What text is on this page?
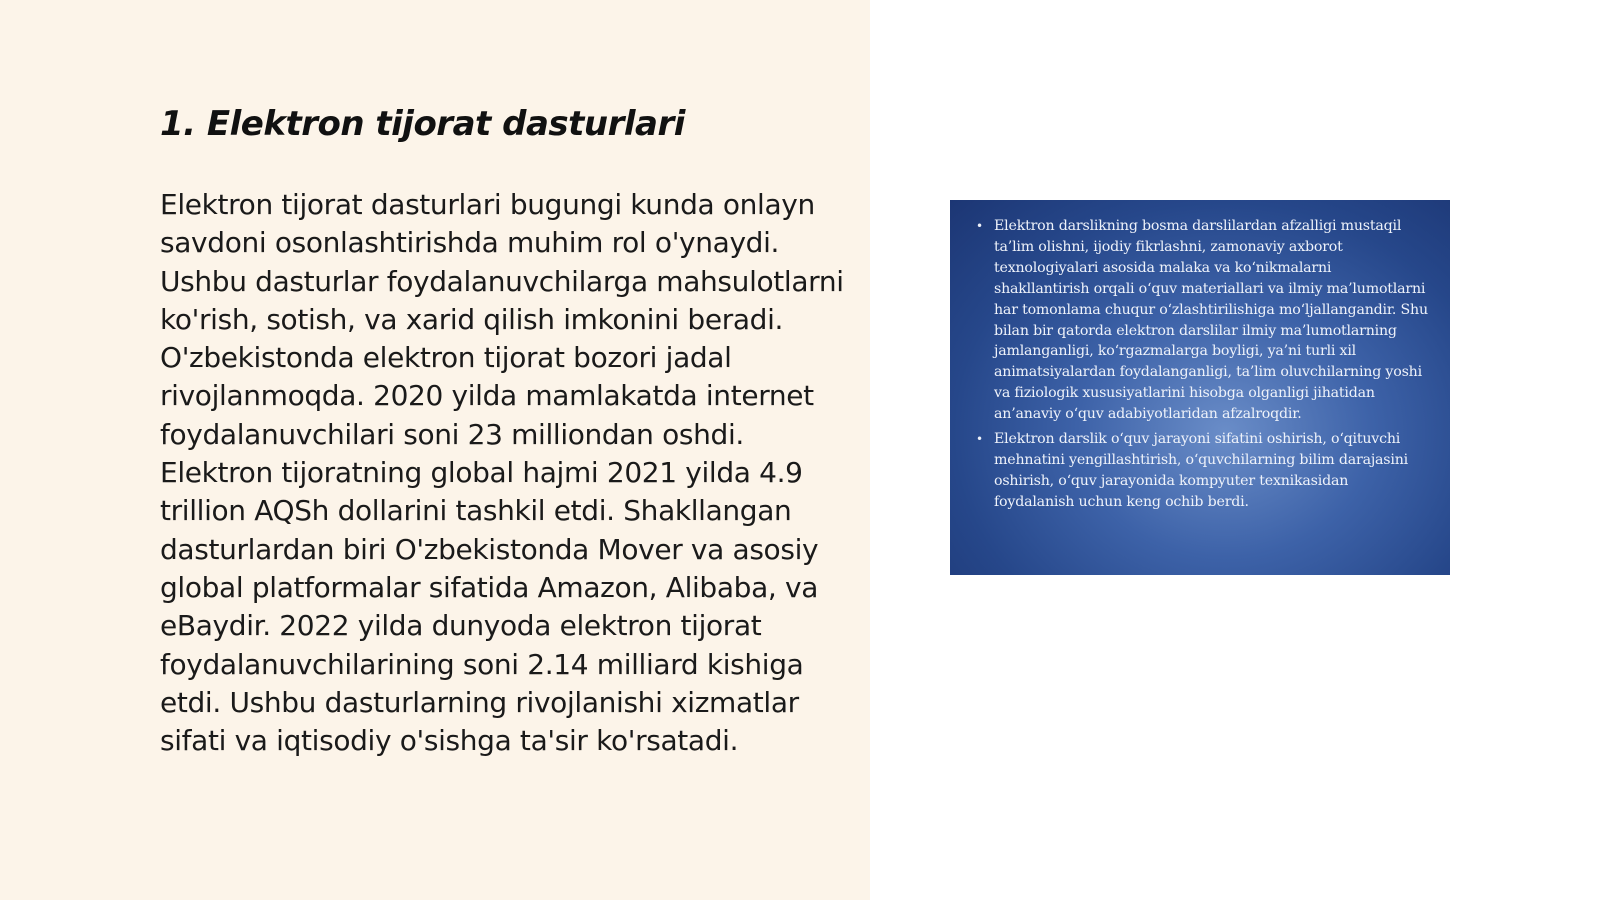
1. Elektron tijorat dasturlari

Elektron tijorat dasturlari bugungi kunda onlayn savdoni osonlashtirishda muhim rol o'ynaydi. Ushbu dasturlar foydalanuvchilarga mahsulotlarni ko'rish, sotish, va xarid qilish imkonini beradi. O'zbekistonda elektron tijorat bozori jadal rivojlanmoqda. 2020 yilda mamlakatda internet foydalanuvchilari soni 23 milliondan oshdi. Elektron tijoratning global hajmi 2021 yilda 4.9 trillion AQSh dollarini tashkil etdi. Shakllangan dasturlardan biri O'zbekistonda Mover va asosiy global platformalar sifatida Amazon, Alibaba, va eBaydir. 2022 yilda dunyoda elektron tijorat foydalanuvchilarining soni 2.14 milliard kishiga etdi. Ushbu dasturlarning rivojlanishi xizmatlar sifati va iqtisodiy o'sishga ta'sir ko'rsatadi.

• Elektron darslikning bosma darslilardan afzalligi mustaqil ta’lim olishni, ijodiy fikrlashni, zamonaviy axborot texnologiyalari asosida malaka va ko‘nikmalarni shakllantirish orqali o‘quv materiallari va ilmiy ma’lumotlarni har tomonlama chuqur o‘zlashtirilishiga mo‘ljallangandir. Shu bilan bir qatorda elektron darslilar ilmiy ma’lumotlarning jamlanganligi, ko‘rgazmalarga boyligi, ya’ni turli xil animatsiyalardan foydalanganligi, ta’lim oluvchilarning yoshi va fiziologik xususiyatlarini hisobga olganligi jihatidan an’anaviy o‘quv adabiyotlaridan afzalroqdir.
• Elektron darslik o‘quv jarayoni sifatini oshirish, o‘qituvchi mehnatini yengillashtirish, o‘quvchilarning bilim darajasini oshirish, o‘quv jarayonida kompyuter texnikasidan foydalanish uchun keng ochib berdi.
